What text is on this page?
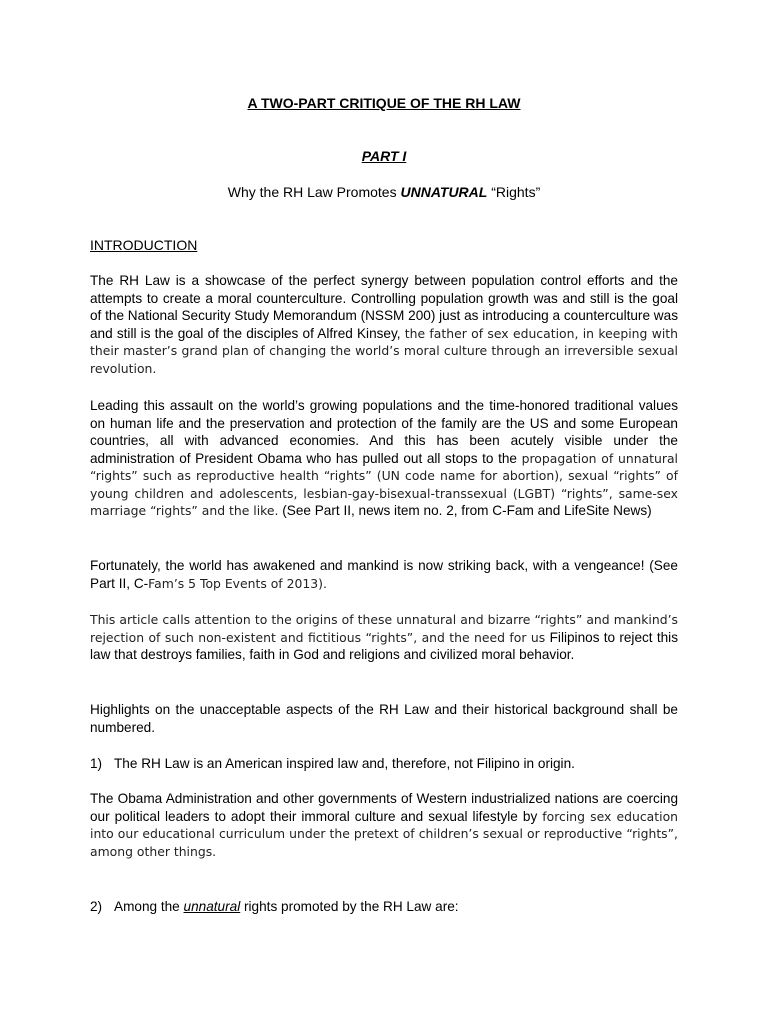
A TWO-PART CRITIQUE OF THE RH LAW
PART I
Why the RH Law Promotes UNNATURAL “Rights”
INTRODUCTION

The RH Law is a showcase of the perfect synergy between population control efforts and the attempts to create a moral counterculture. Controlling population growth was and still is the goal of the National Security Study Memorandum (NSSM 200) just as introducing a counterculture was and still is the goal of the disciples of Alfred Kinsey, the father of sex education, in keeping with their master’s grand plan of changing the world’s moral culture through an irreversible sexual revolution.

Leading this assault on the world’s growing populations and the time-honored traditional values on human life and the preservation and protection of the family are the US and some European countries, all with advanced economies. And this has been acutely visible under the administration of President Obama who has pulled out all stops to the propagation of unnatural “rights” such as reproductive health “rights” (UN code name for abortion), sexual “rights” of young children and adolescents, lesbian-gay-bisexual-transsexual (LGBT) “rights”, same-sex marriage “rights” and the like. (See Part II, news item no. 2, from C-Fam and LifeSite News)

Fortunately, the world has awakened and mankind is now striking back, with a vengeance! (See Part II, C-Fam’s 5 Top Events of 2013).

This article calls attention to the origins of these unnatural and bizarre “rights” and mankind’s rejection of such non-existent and fictitious “rights”, and the need for us Filipinos to reject this law that destroys families, faith in God and religions and civilized moral behavior.

Highlights on the unacceptable aspects of the RH Law and their historical background shall be numbered.

1) The RH Law is an American inspired law and, therefore, not Filipino in origin.

The Obama Administration and other governments of Western industrialized nations are coercing our political leaders to adopt their immoral culture and sexual lifestyle by forcing sex education into our educational curriculum under the pretext of children’s sexual or reproductive “rights”, among other things.

2) Among the unnatural rights promoted by the RH Law are:
